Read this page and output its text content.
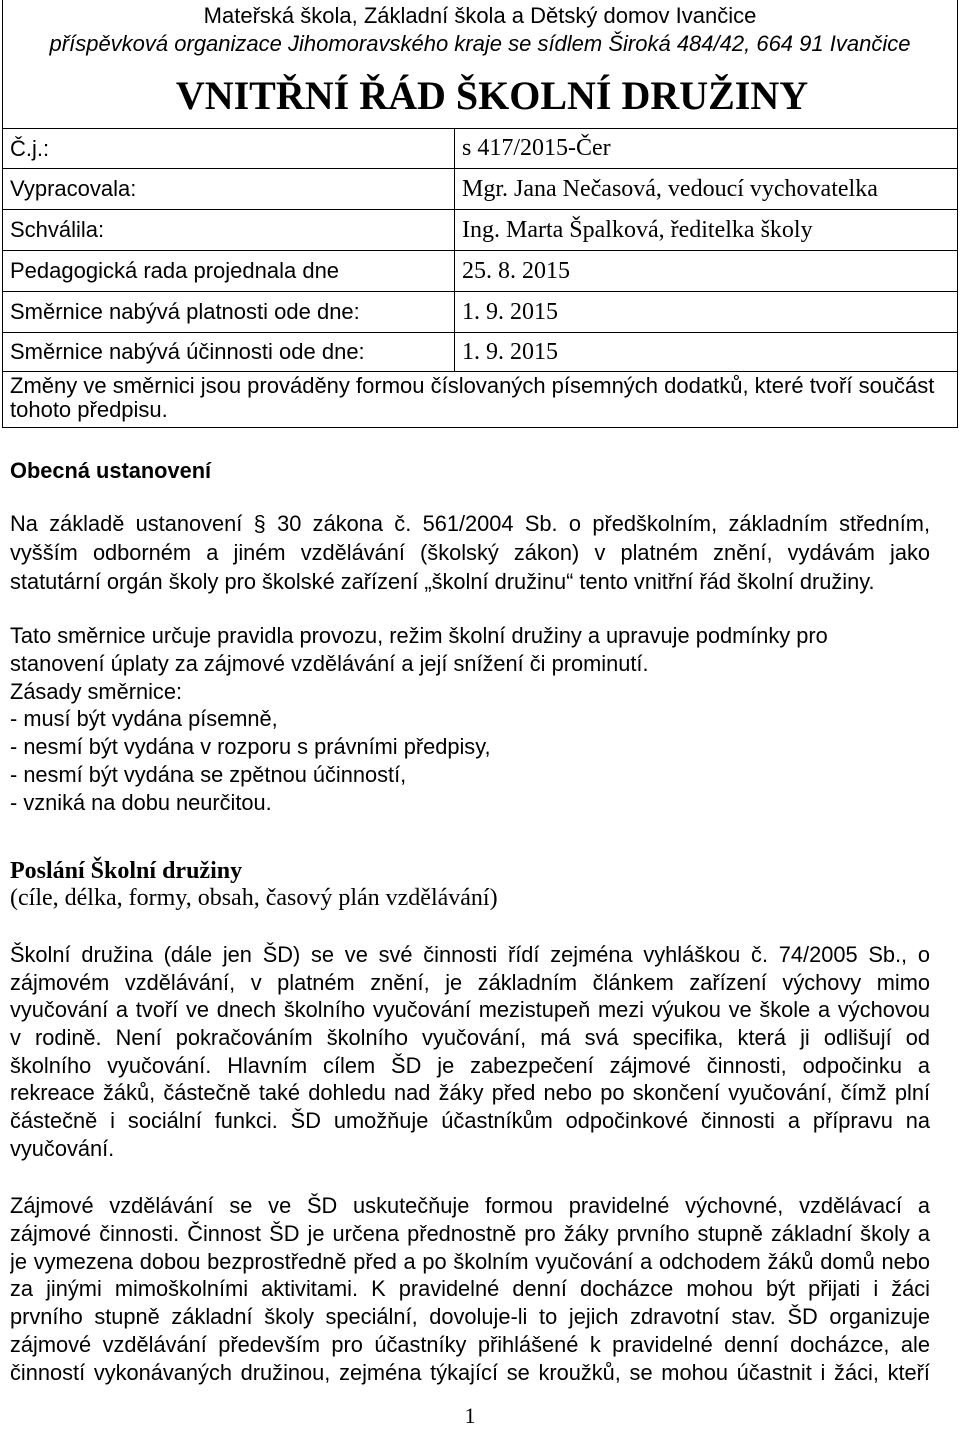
Mateřská škola, Základní škola a Dětský domov Ivančice
příspěvková organizace Jihomoravského kraje se sídlem Široká 484/42, 664 91 Ivančice
VNITŘNÍ ŘÁD ŠKOLNÍ DRUŽINY
Č.j.:	s 417/2015-Čer
Vypracovala:	Mgr. Jana Nečasová, vedoucí vychovatelka
Schválila:	Ing. Marta Špalková, ředitelka školy
Pedagogická rada projednala dne	25. 8. 2015
Směrnice nabývá platnosti ode dne:	1. 9. 2015
Směrnice nabývá účinnosti ode dne:	1. 9. 2015
Změny ve směrnici jsou prováděny formou číslovaných písemných dodatků, které tvoří součást
tohoto předpisu.
Obecná ustanovení
Na základě ustanovení § 30 zákona č. 561/2004 Sb. o předškolním, základním středním,
vyšším odborném a jiném vzdělávání (školský zákon) v platném znění, vydávám jako
statutární orgán školy pro školské zařízení „školní družinu“ tento vnitřní řád školní družiny.
Tato směrnice určuje pravidla provozu, režim školní družiny a upravuje podmínky pro
stanovení úplaty za zájmové vzdělávání a její snížení či prominutí.
Zásady směrnice:
- musí být vydána písemně,
- nesmí být vydána v rozporu s právními předpisy,
- nesmí být vydána se zpětnou účinností,
- vzniká na dobu neurčitou.
Poslání Školní družiny
(cíle, délka, formy, obsah, časový plán vzdělávání)
Školní družina (dále jen ŠD) se ve své činnosti řídí zejména vyhláškou č. 74/2005 Sb., o
zájmovém vzdělávání, v platném znění, je základním článkem zařízení výchovy mimo
vyučování a tvoří ve dnech školního vyučování mezistupeň mezi výukou ve škole a výchovou
v rodině. Není pokračováním školního vyučování, má svá specifika, která ji odlišují od
školního vyučování. Hlavním cílem ŠD je zabezpečení zájmové činnosti, odpočinku a
rekreace žáků, částečně také dohledu nad žáky před nebo po skončení vyučování, čímž plní
částečně i sociální funkci. ŠD umožňuje účastníkům odpočinkové činnosti a přípravu na
vyučování.
Zájmové vzdělávání se ve ŠD uskutečňuje formou pravidelné výchovné, vzdělávací a
zájmové činnosti. Činnost ŠD je určena přednostně pro žáky prvního stupně základní školy a
je vymezena dobou bezprostředně před a po školním vyučování a odchodem žáků domů nebo
za jinými mimoškolními aktivitami. K pravidelné denní docházce mohou být přijati i žáci
prvního stupně základní školy speciální, dovoluje-li to jejich zdravotní stav. ŠD organizuje
zájmové vzdělávání především pro účastníky přihlášené k pravidelné denní docházce, ale
činností vykonávaných družinou, zejména týkající se kroužků, se mohou účastnit i žáci, kteří
1
